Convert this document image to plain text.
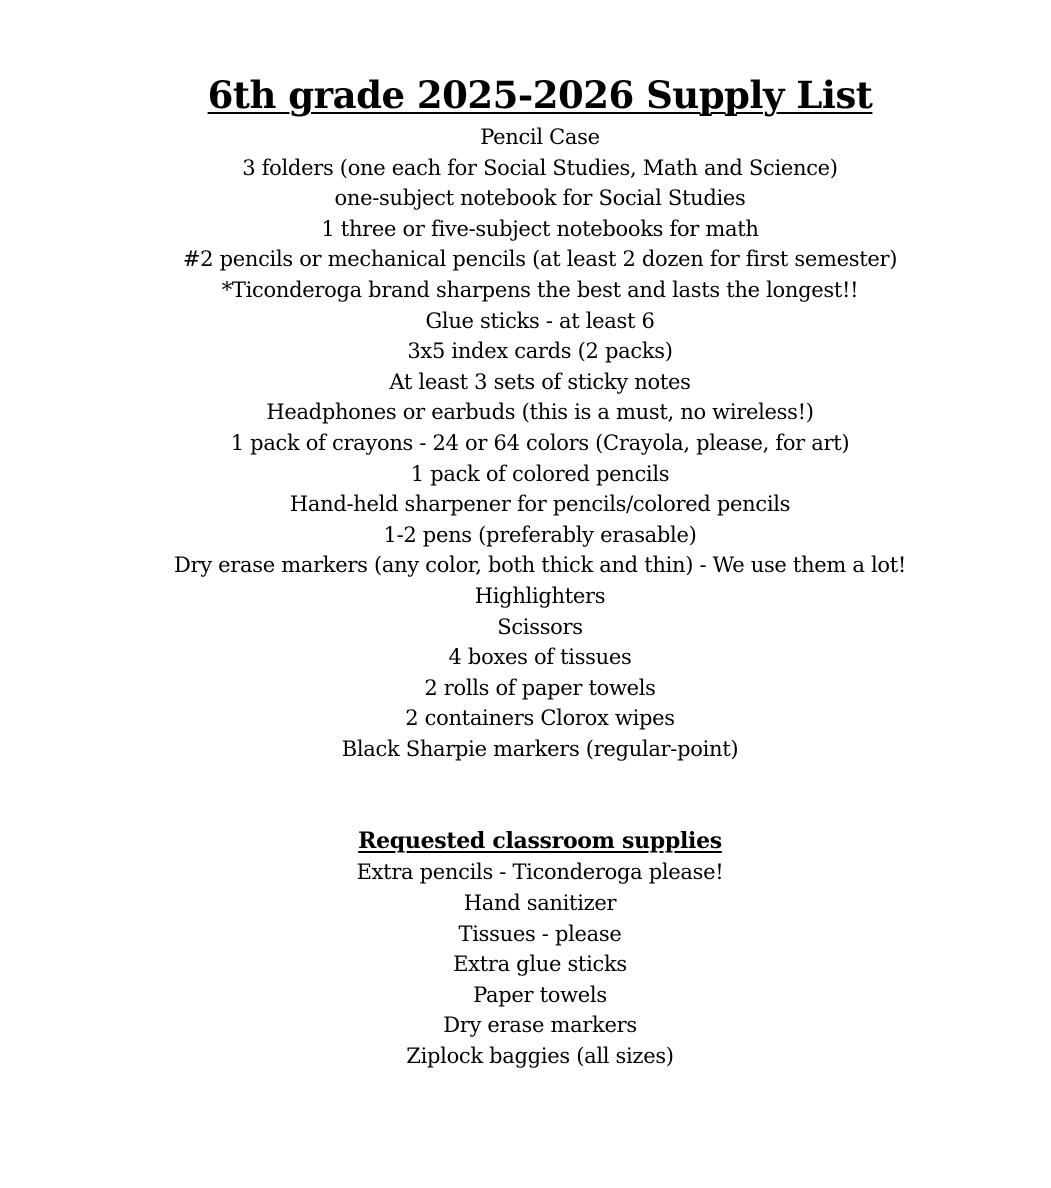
6th grade 2025-2026 Supply List
Pencil Case
3 folders (one each for Social Studies, Math and Science)
one-subject notebook for Social Studies
1 three or five-subject notebooks for math
#2 pencils or mechanical pencils (at least 2 dozen for first semester)
*Ticonderoga brand sharpens the best and lasts the longest!!
Glue sticks - at least 6
3x5 index cards (2 packs)
At least 3 sets of sticky notes
Headphones or earbuds (this is a must, no wireless!)
1 pack of crayons - 24 or 64 colors (Crayola, please, for art)
1 pack of colored pencils
Hand-held sharpener for pencils/colored pencils
1-2 pens (preferably erasable)
Dry erase markers (any color, both thick and thin) - We use them a lot!
Highlighters
Scissors
4 boxes of tissues
2 rolls of paper towels
2 containers Clorox wipes
Black Sharpie markers (regular-point)
Requested classroom supplies
Extra pencils - Ticonderoga please!
Hand sanitizer
Tissues - please
Extra glue sticks
Paper towels
Dry erase markers
Ziplock baggies (all sizes)
